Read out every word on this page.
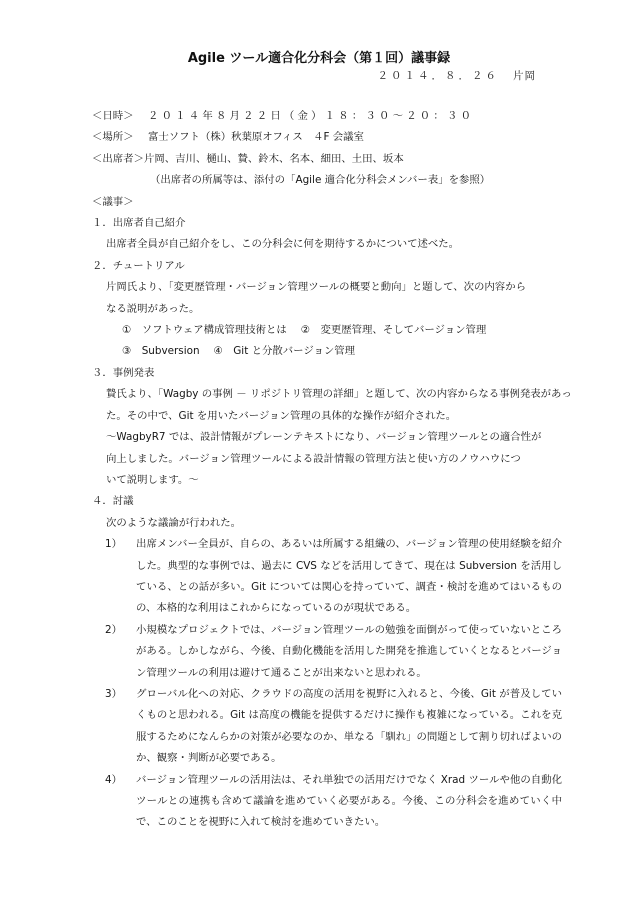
Agile ツール適合化分科会（第１回）議事録
２０１４．８．２６ 片岡
＜日時＞ ２０１４年８月２２日（金）１８：３０～２０：３０
＜場所＞ 富士ソフト（株）秋葉原オフィス　４F 会議室
＜出席者＞片岡、吉川、樋山、贄、鈴木、名本、細田、土田、坂本
（出席者の所属等は、添付の「Agile 適合化分科会メンバー表」を参照）
＜議事＞
１．出席者自己紹介
出席者全員が自己紹介をし、この分科会に何を期待するかについて述べた。
２．チュートリアル
片岡氏より、「変更歴管理・バージョン管理ツールの概要と動向」と題して、次の内容から
なる説明があった。
①　ソフトウェア構成管理技術とは ②　変更歴管理、そしてバージョン管理
③　Subversion ④　Git と分散バージョン管理
３．事例発表
贄氏より、「Wagby の事例 － リポジトリ管理の詳細」と題して、次の内容からなる事例発表があっ
た。その中で、Git を用いたバージョン管理の具体的な操作が紹介された。
～WagbyR7 では、設計情報がプレーンテキストになり、バージョン管理ツールとの適合性が
向上しました。バージョン管理ツールによる設計情報の管理方法と使い方のノウハウにつ
いて説明します。～
４．討議
次のような議論が行われた。
1）	出席メンバー全員が、自らの、あるいは所属する組織の、バージョン管理の使用経験を紹介した。典型的な事例では、過去に CVS などを活用してきて、現在は Subversion を活用している、との話が多い。Git については関心を持っていて、調査・検討を進めてはいるものの、本格的な利用はこれからになっているのが現状である。
2）	小規模なプロジェクトでは、バージョン管理ツールの勉強を面倒がって使っていないところがある。しかしながら、今後、自動化機能を活用した開発を推進していくとなるとバージョン管理ツールの利用は避けて通ることが出来ないと思われる。
3）	グローバル化への対応、クラウドの高度の活用を視野に入れると、今後、Git が普及していくものと思われる。Git は高度の機能を提供するだけに操作も複雑になっている。これを克服するためになんらかの対策が必要なのか、単なる「馴れ」の問題として割り切ればよいのか、観察・判断が必要である。
4）	バージョン管理ツールの活用法は、それ単独での活用だけでなく Xrad ツールや他の自動化ツールとの連携も含めて議論を進めていく必要がある。今後、この分科会を進めていく中で、このことを視野に入れて検討を進めていきたい。
